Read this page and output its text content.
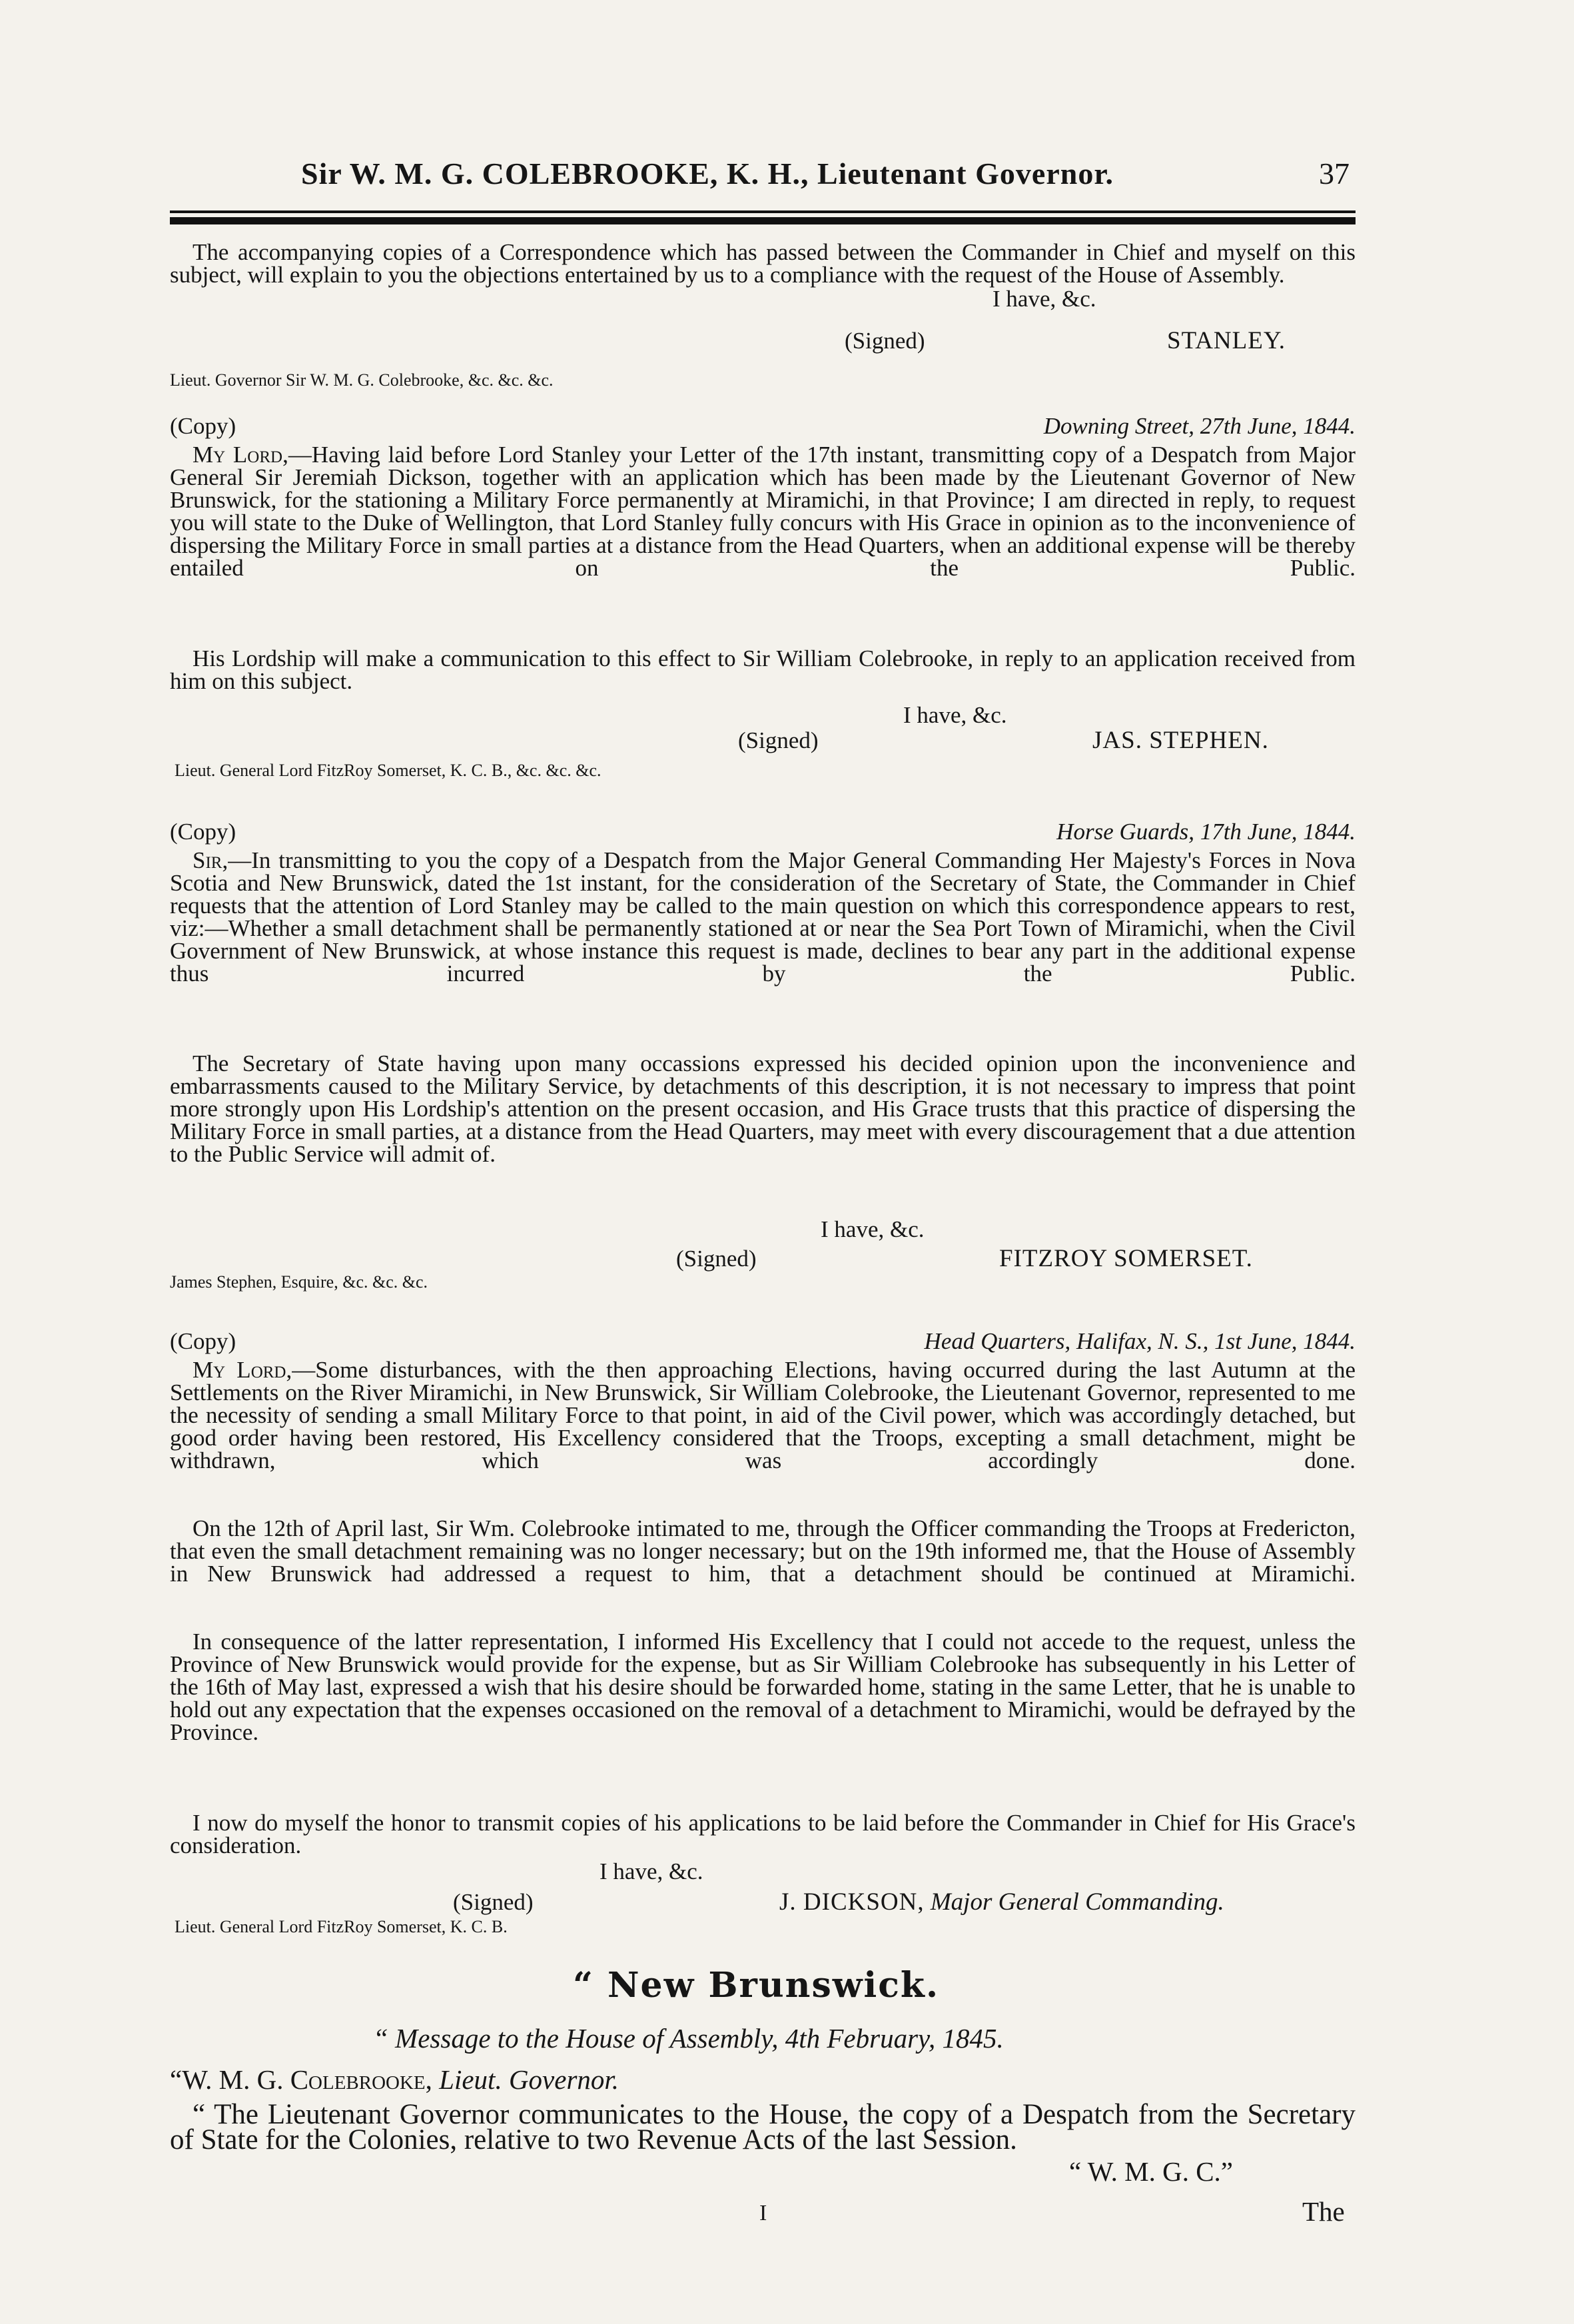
Sir W. M. G. COLEBROOKE, K. H., Lieutenant Governor.	37

The accompanying copies of a Correspondence which has passed between the Commander in Chief and myself on this subject, will explain to you the objections entertained by us to a compliance with the request of the House of Assembly.

I have, &c.
(Signed)	STANLEY.
Lieut. Governor Sir W. M. G. Colebrooke, &c. &c. &c.
(Copy)	Downing Street, 27th June, 1844.

My Lord,—Having laid before Lord Stanley your Letter of the 17th instant, transmitting copy of a Despatch from Major General Sir Jeremiah Dickson, together with an application which has been made by the Lieutenant Governor of New Brunswick, for the stationing a Military Force permanently at Miramichi, in that Province; I am directed in reply, to request you will state to the Duke of Wellington, that Lord Stanley fully concurs with His Grace in opinion as to the inconvenience of dispersing the Military Force in small parties at a distance from the Head Quarters, when an additional expense will be thereby entailed on the Public.

His Lordship will make a communication to this effect to Sir William Colebrooke, in reply to an application received from him on this subject.

I have, &c.
(Signed)	JAS. STEPHEN.
Lieut. General Lord FitzRoy Somerset, K. C. B., &c. &c. &c.
(Copy)	Horse Guards, 17th June, 1844.

Sir,—In transmitting to you the copy of a Despatch from the Major General Commanding Her Majesty's Forces in Nova Scotia and New Brunswick, dated the 1st instant, for the consideration of the Secretary of State, the Commander in Chief requests that the attention of Lord Stanley may be called to the main question on which this correspondence appears to rest, viz:—Whether a small detachment shall be permanently stationed at or near the Sea Port Town of Miramichi, when the Civil Government of New Brunswick, at whose instance this request is made, declines to bear any part in the additional expense thus incurred by the Public.

The Secretary of State having upon many occassions expressed his decided opinion upon the inconvenience and embarrassments caused to the Military Service, by detachments of this description, it is not necessary to impress that point more strongly upon His Lordship's attention on the present occasion, and His Grace trusts that this practice of dispersing the Military Force in small parties, at a distance from the Head Quarters, may meet with every discouragement that a due attention to the Public Service will admit of.

I have, &c.
(Signed)	FITZROY SOMERSET.
James Stephen, Esquire, &c. &c. &c.
(Copy)	Head Quarters, Halifax, N. S., 1st June, 1844.

My Lord,—Some disturbances, with the then approaching Elections, having occurred during the last Autumn at the Settlements on the River Miramichi, in New Brunswick, Sir William Colebrooke, the Lieutenant Governor, represented to me the necessity of sending a small Military Force to that point, in aid of the Civil power, which was accordingly detached, but good order having been restored, His Excellency considered that the Troops, excepting a small detachment, might be withdrawn, which was accordingly done.

On the 12th of April last, Sir Wm. Colebrooke intimated to me, through the Officer commanding the Troops at Fredericton, that even the small detachment remaining was no longer necessary; but on the 19th informed me, that the House of Assembly in New Brunswick had addressed a request to him, that a detachment should be continued at Miramichi.

In consequence of the latter representation, I informed His Excellency that I could not accede to the request, unless the Province of New Brunswick would provide for the expense, but as Sir William Colebrooke has subsequently in his Letter of the 16th of May last, expressed a wish that his desire should be forwarded home, stating in the same Letter, that he is unable to hold out any expectation that the expenses occasioned on the removal of a detachment to Miramichi, would be defrayed by the Province.

I now do myself the honor to transmit copies of his applications to be laid before the Commander in Chief for His Grace's consideration.

I have, &c.
(Signed)	J. DICKSON, Major General Commanding.
Lieut. General Lord FitzRoy Somerset, K. C. B.
“ New Brunswick.
“ Message to the House of Assembly, 4th February, 1845.
“W. M. G. Colebrooke, Lieut. Governor.

“ The Lieutenant Governor communicates to the House, the copy of a Despatch from the Secretary of State for the Colonies, relative to two Revenue Acts of the last Session.

“ W. M. G. C.”
I	The
